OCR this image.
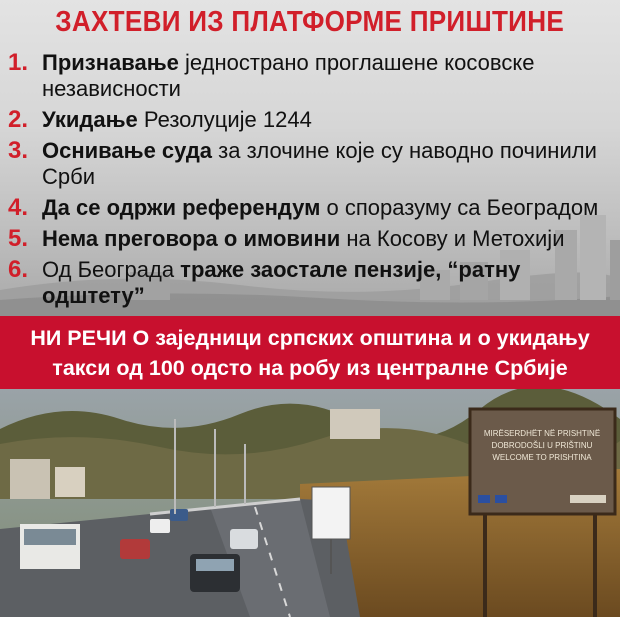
ЗАХТЕВИ ИЗ ПЛАТФОРМЕ ПРИШТИНЕ
1. Признавање једнострано проглашене косовске независности
2. Укидање Резолуције 1244
3. Оснивање суда за злочине које су наводно починили Срби
4. Да се одржи референдум о споразуму са Београдом
5. Нема преговора о имовини на Косову и Метохији
6. Од Београда траже заостале пензије, “ратну одштету”
НИ РЕЧИ О заједници српских општина и о укидању
такси од 100 одсто на робу из централне Србије
MIRËSERDHËT NË PRISHTINË
DOBRODOŠLI U PRIŠTINU
WELCOME TO PRISHTINA
